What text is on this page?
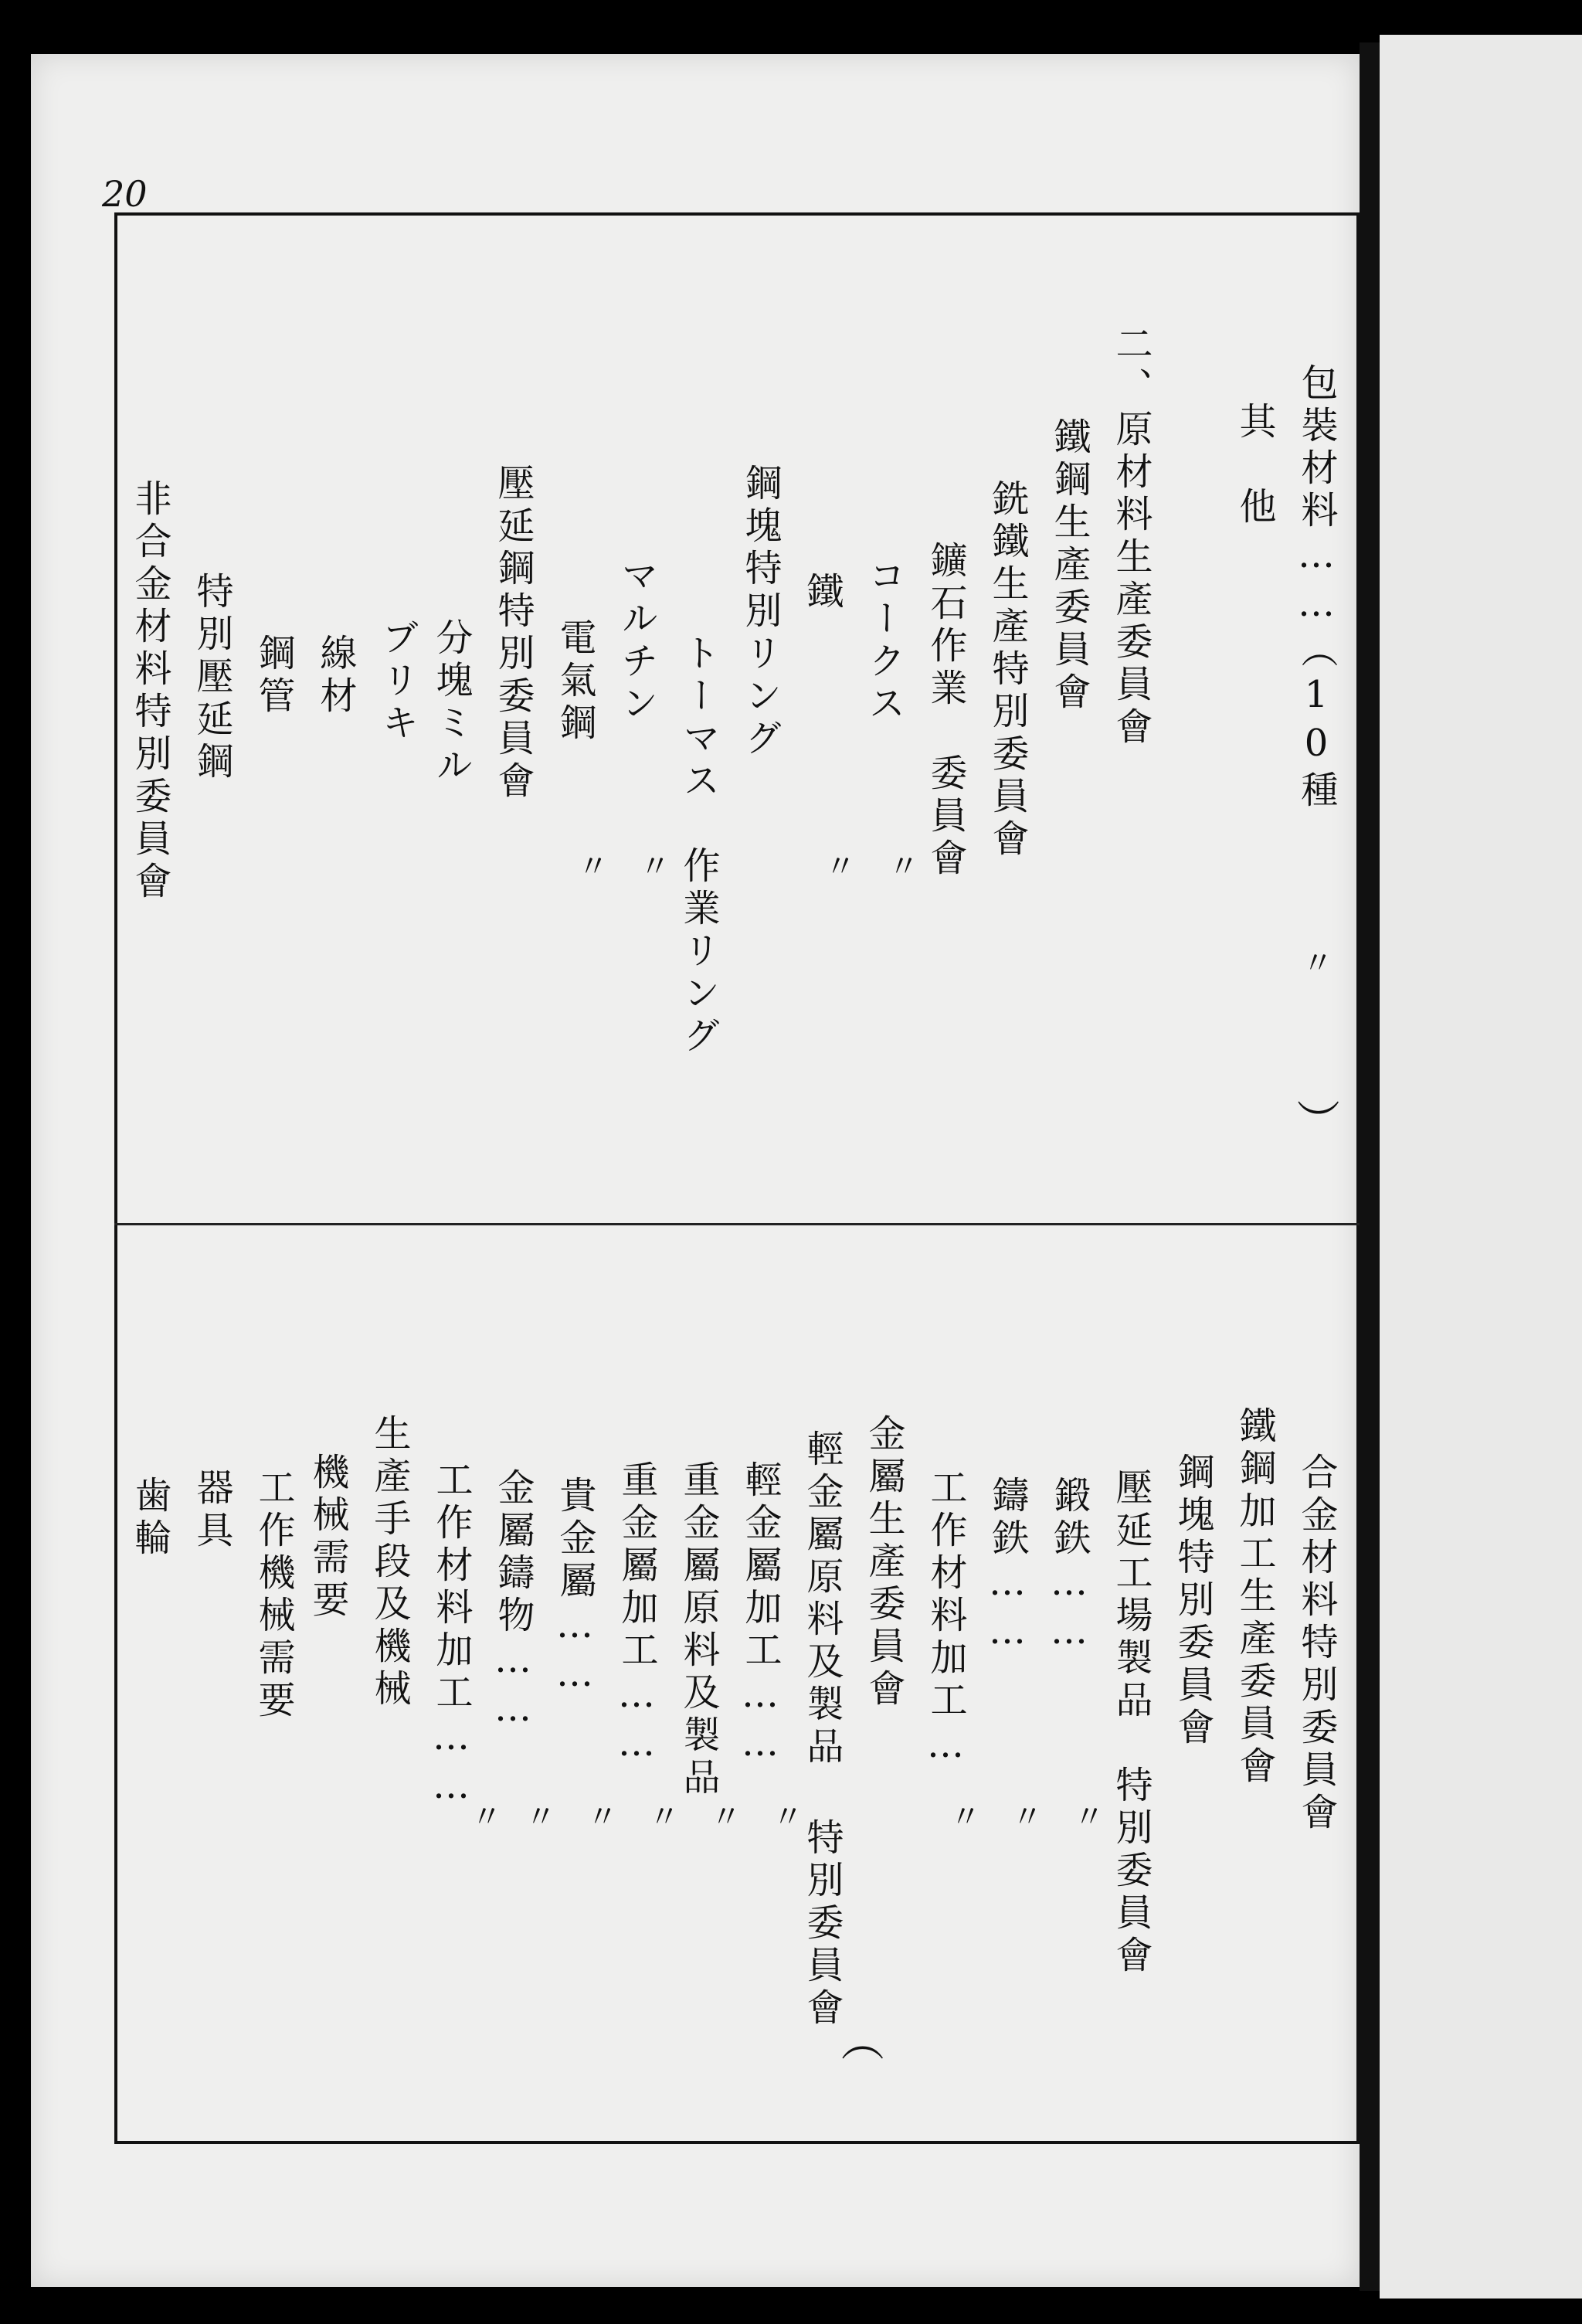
20
包裝材料……（10種
其　他
二、原材料生產委員會
鐵鋼生產委員會
銑鐵生產特別委員會
鑛石作業　委員會
コークス
鐵
鋼塊特別リング
トーマス　作業リング
マルチン
電氣鋼
壓延鋼特別委員會
分塊ミル
ブリキ
線材
鋼管
特別壓延鋼
非合金材料特別委員會
〃
〃
〃
〃
〃
）
合金材料特別委員會
鐵鋼加工生產委員會
鋼塊特別委員會
壓延工場製品　特別委員會
鍛鉄……
鑄鉄……
工作材料加工…
金屬生產委員會
輕金屬原料及製品 特別委員會
輕金屬加工……
重金屬原料及製品
重金屬加工……
貴金屬……
金屬鑄物……
工作材料加工……
生產手段及機械
機械需要
工作機械需要
器具
歯輪
〃
〃
〃
〃
〃
〃
〃
〃
〃
（
